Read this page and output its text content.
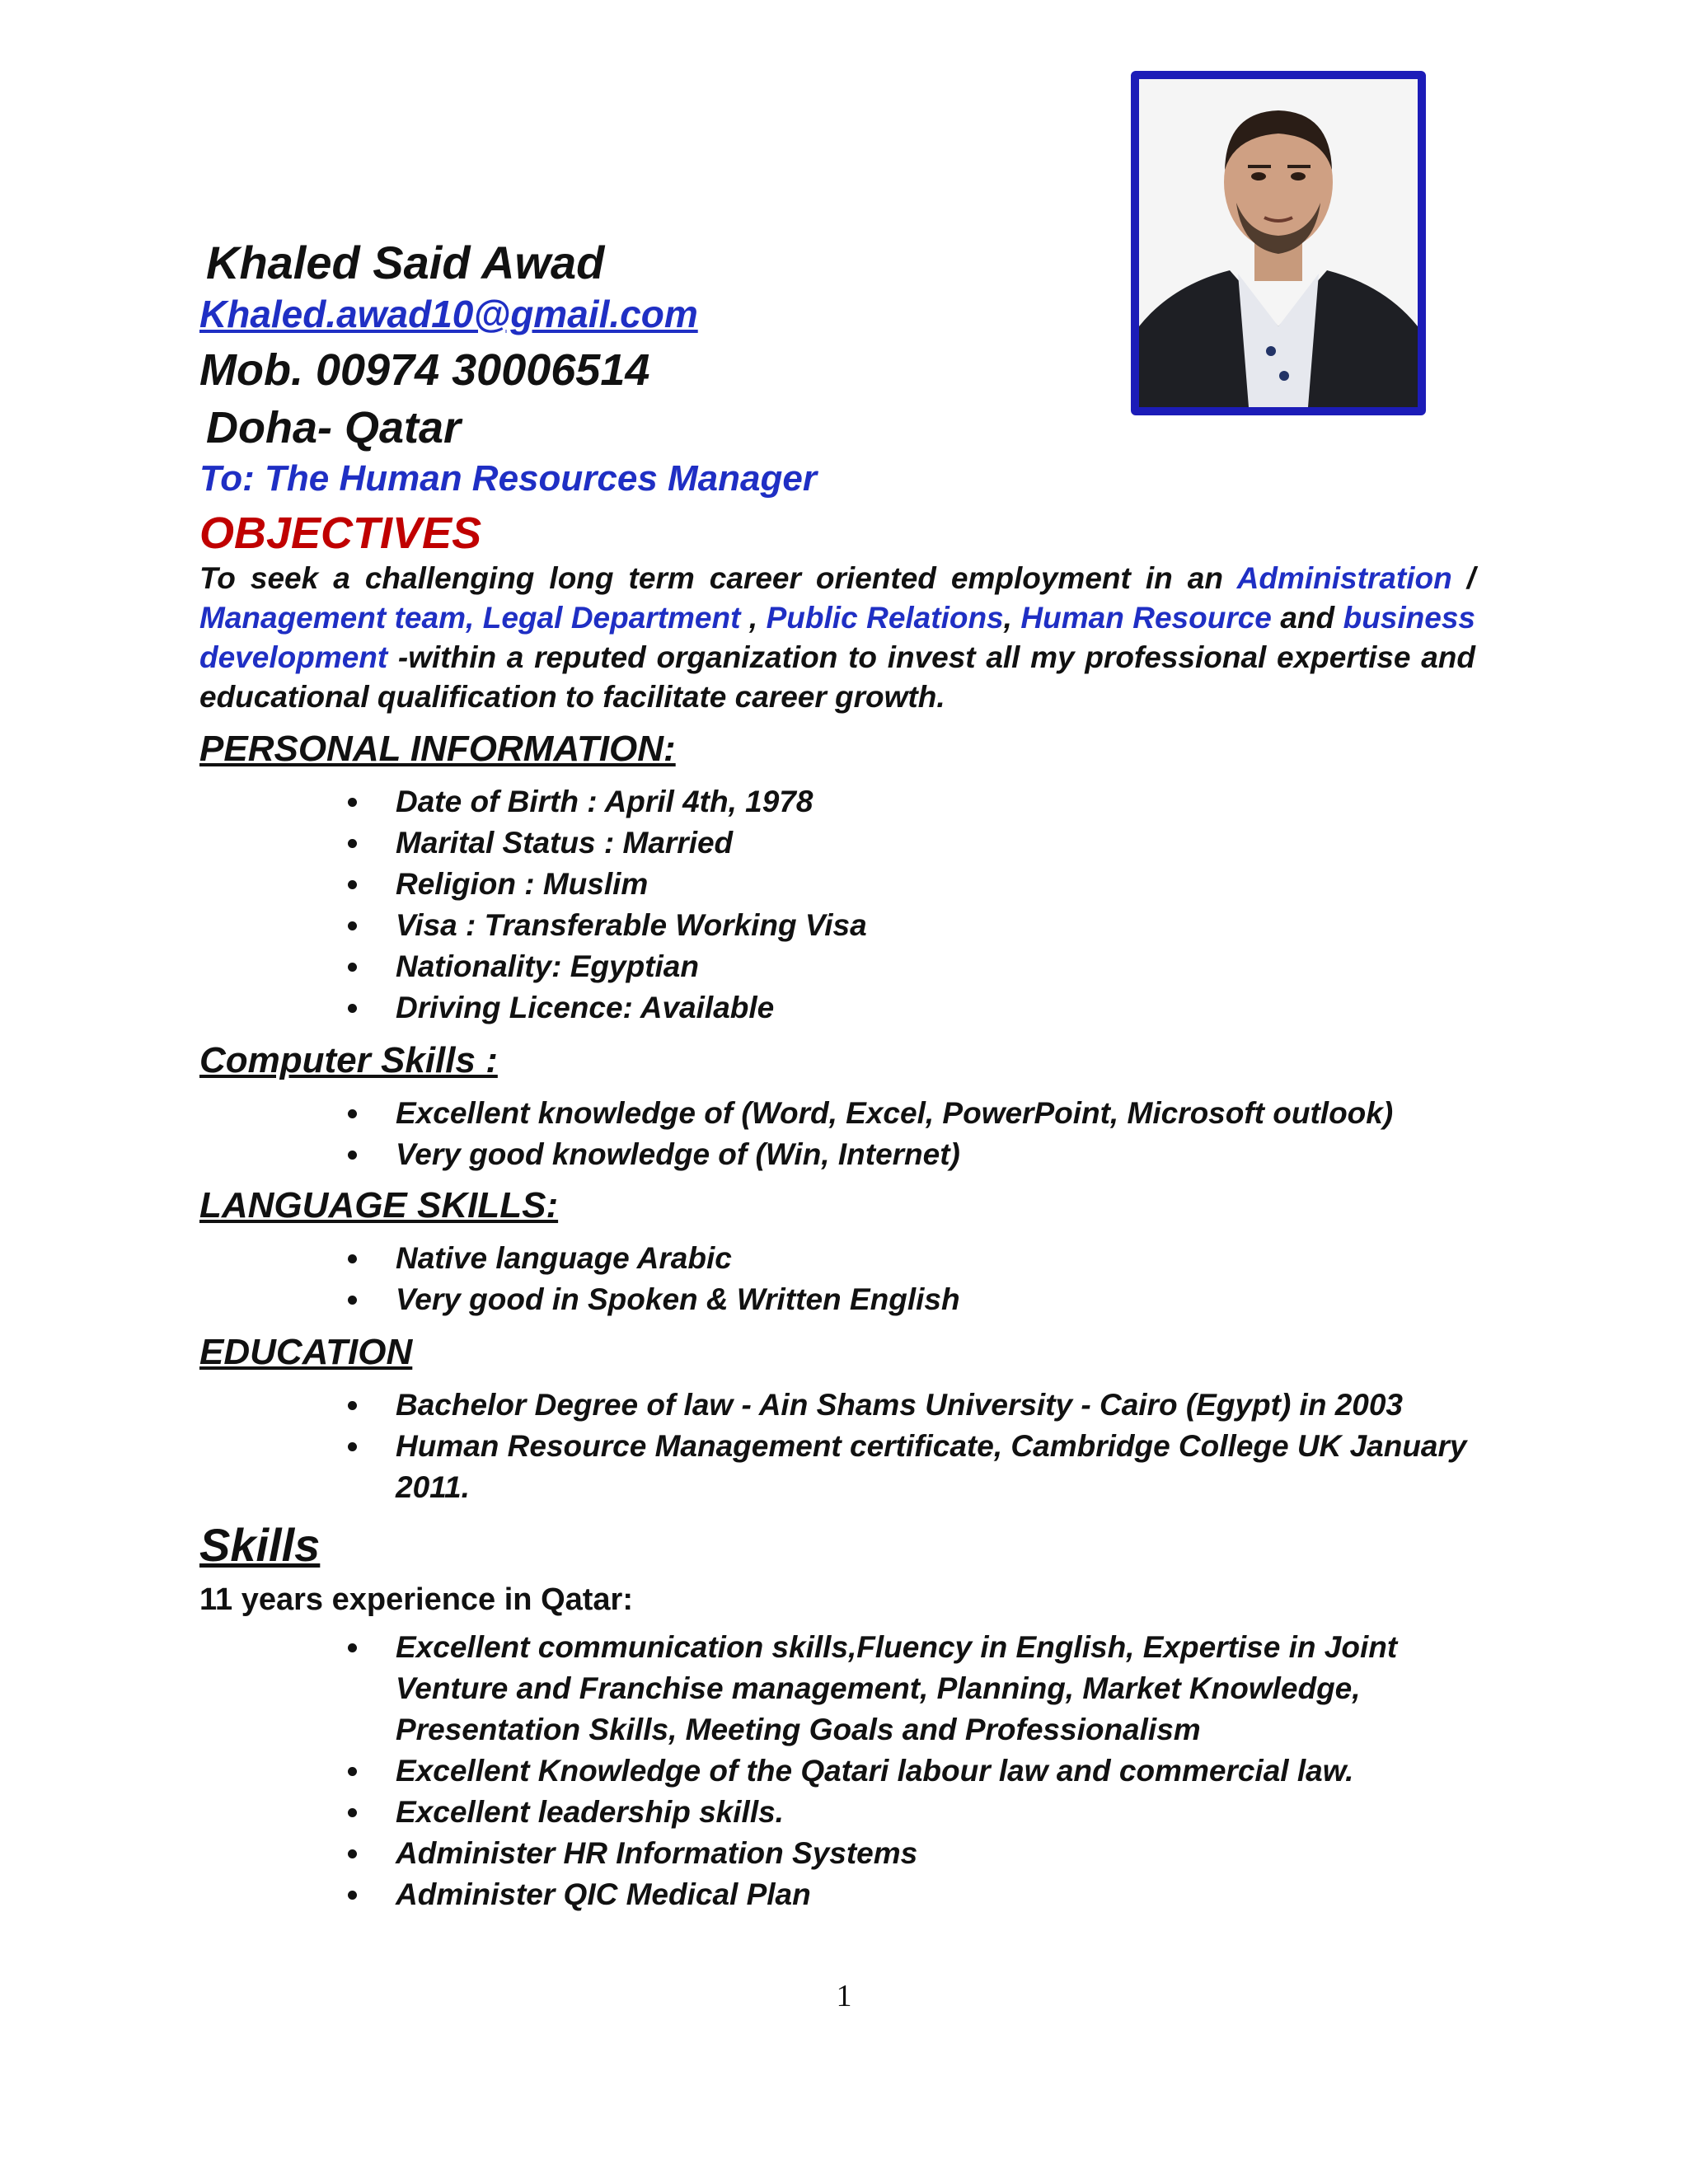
Khaled Said Awad
Khaled.awad10@gmail.com
Mob. 00974 30006514
Doha- Qatar
To: The Human Resources Manager
OBJECTIVES
To seek a challenging long term career oriented employment in an Administration / Management team, Legal Department , Public Relations, Human Resource and business development -within a reputed organization to invest all my professional expertise and educational qualification to facilitate career growth.
PERSONAL INFORMATION:
Date of Birth : April 4th, 1978
Marital Status : Married
Religion : Muslim
Visa : Transferable Working Visa
Nationality: Egyptian
Driving Licence: Available
Computer Skills :
Excellent knowledge of (Word, Excel, PowerPoint, Microsoft outlook)
Very good knowledge of (Win, Internet)
LANGUAGE SKILLS:
Native language Arabic
Very good in Spoken & Written English
EDUCATION
Bachelor Degree of law - Ain Shams University - Cairo (Egypt) in 2003
Human Resource Management certificate, Cambridge College UK January 2011.
Skills
11 years experience in Qatar:
Excellent communication skills,Fluency in English, Expertise in Joint Venture and Franchise management, Planning, Market Knowledge, Presentation Skills, Meeting Goals and Professionalism
Excellent Knowledge of the Qatari labour law and commercial law.
Excellent leadership skills.
Administer HR Information Systems
Administer QIC Medical Plan
1
